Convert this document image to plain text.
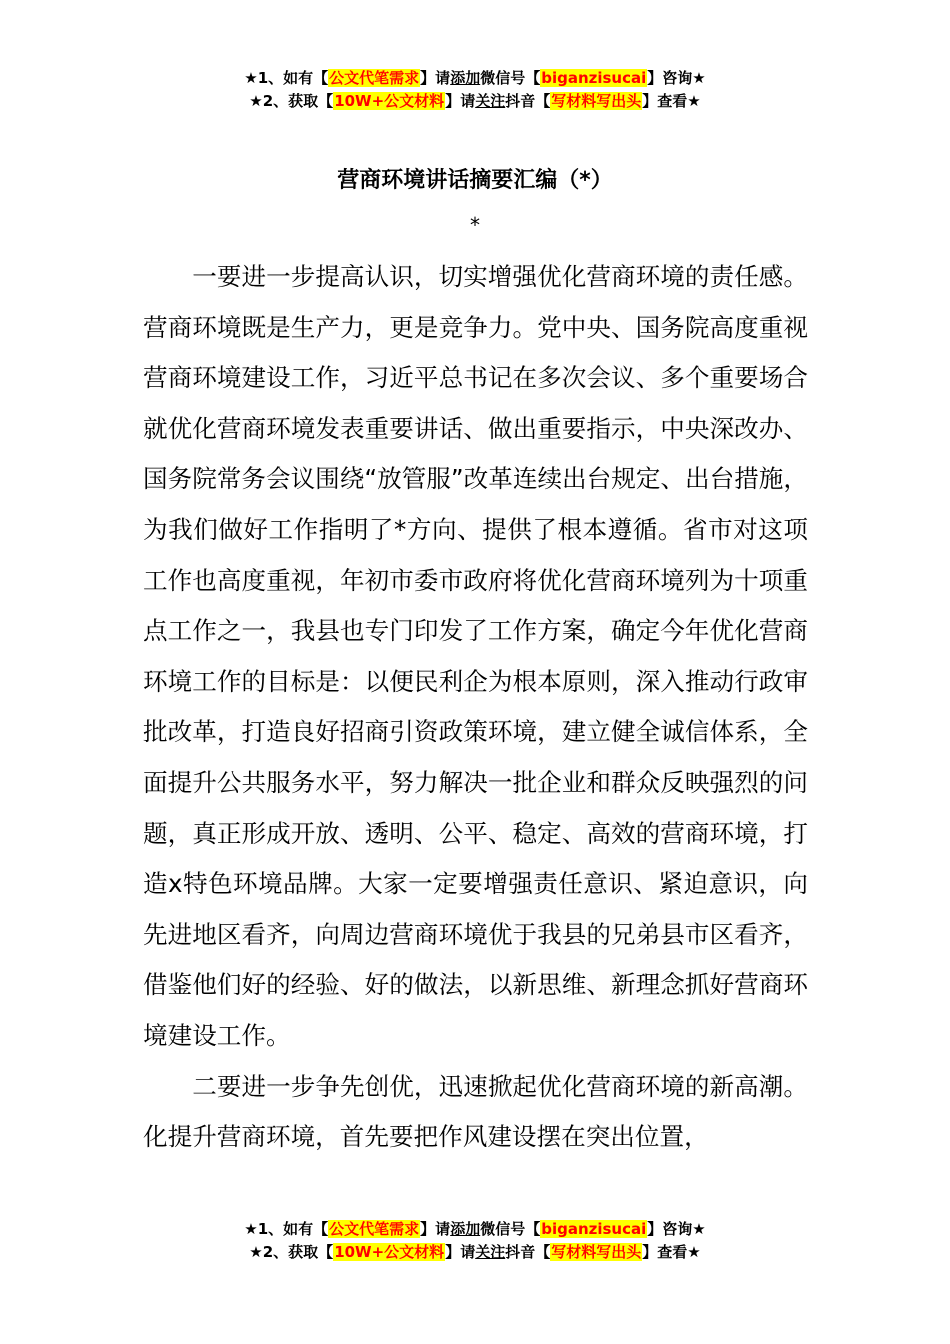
★1、如有【公文代笔需求】请添加微信号【biganzisucai】咨询★
★2、获取【10W+公文材料】请关注抖音【写材料写出头】查看★
营商环境讲话摘要汇编（*）
*

一要进一步提高认识，切实增强优化营商环境的责任感。营商环境既是生产力，更是竞争力。党中央、国务院高度重视营商环境建设工作，习近平总书记在多次会议、多个重要场合就优化营商环境发表重要讲话、做出重要指示，中央深改办、国务院常务会议围绕“放管服”改革连续出台规定、出台措施，为我们做好工作指明了*方向、提供了根本遵循。省市对这项工作也高度重视，年初市委市政府将优化营商环境列为十项重点工作之一，我县也专门印发了工作方案，确定今年优化营商环境工作的目标是：以便民利企为根本原则，深入推动行政审批改革，打造良好招商引资政策环境，建立健全诚信体系，全面提升公共服务水平，努力解决一批企业和群众反映强烈的问题，真正形成开放、透明、公平、稳定、高效的营商环境，打造x特色环境品牌。大家一定要增强责任意识、紧迫意识，向先进地区看齐，向周边营商环境优于我县的兄弟县市区看齐，借鉴他们好的经验、好的做法，以新思维、新理念抓好营商环境建设工作。

二要进一步争先创优，迅速掀起优化营商环境的新高潮。化提升营商环境，首先要把作风建设摆在突出位置，

★1、如有【公文代笔需求】请添加微信号【biganzisucai】咨询★
★2、获取【10W+公文材料】请关注抖音【写材料写出头】查看★
